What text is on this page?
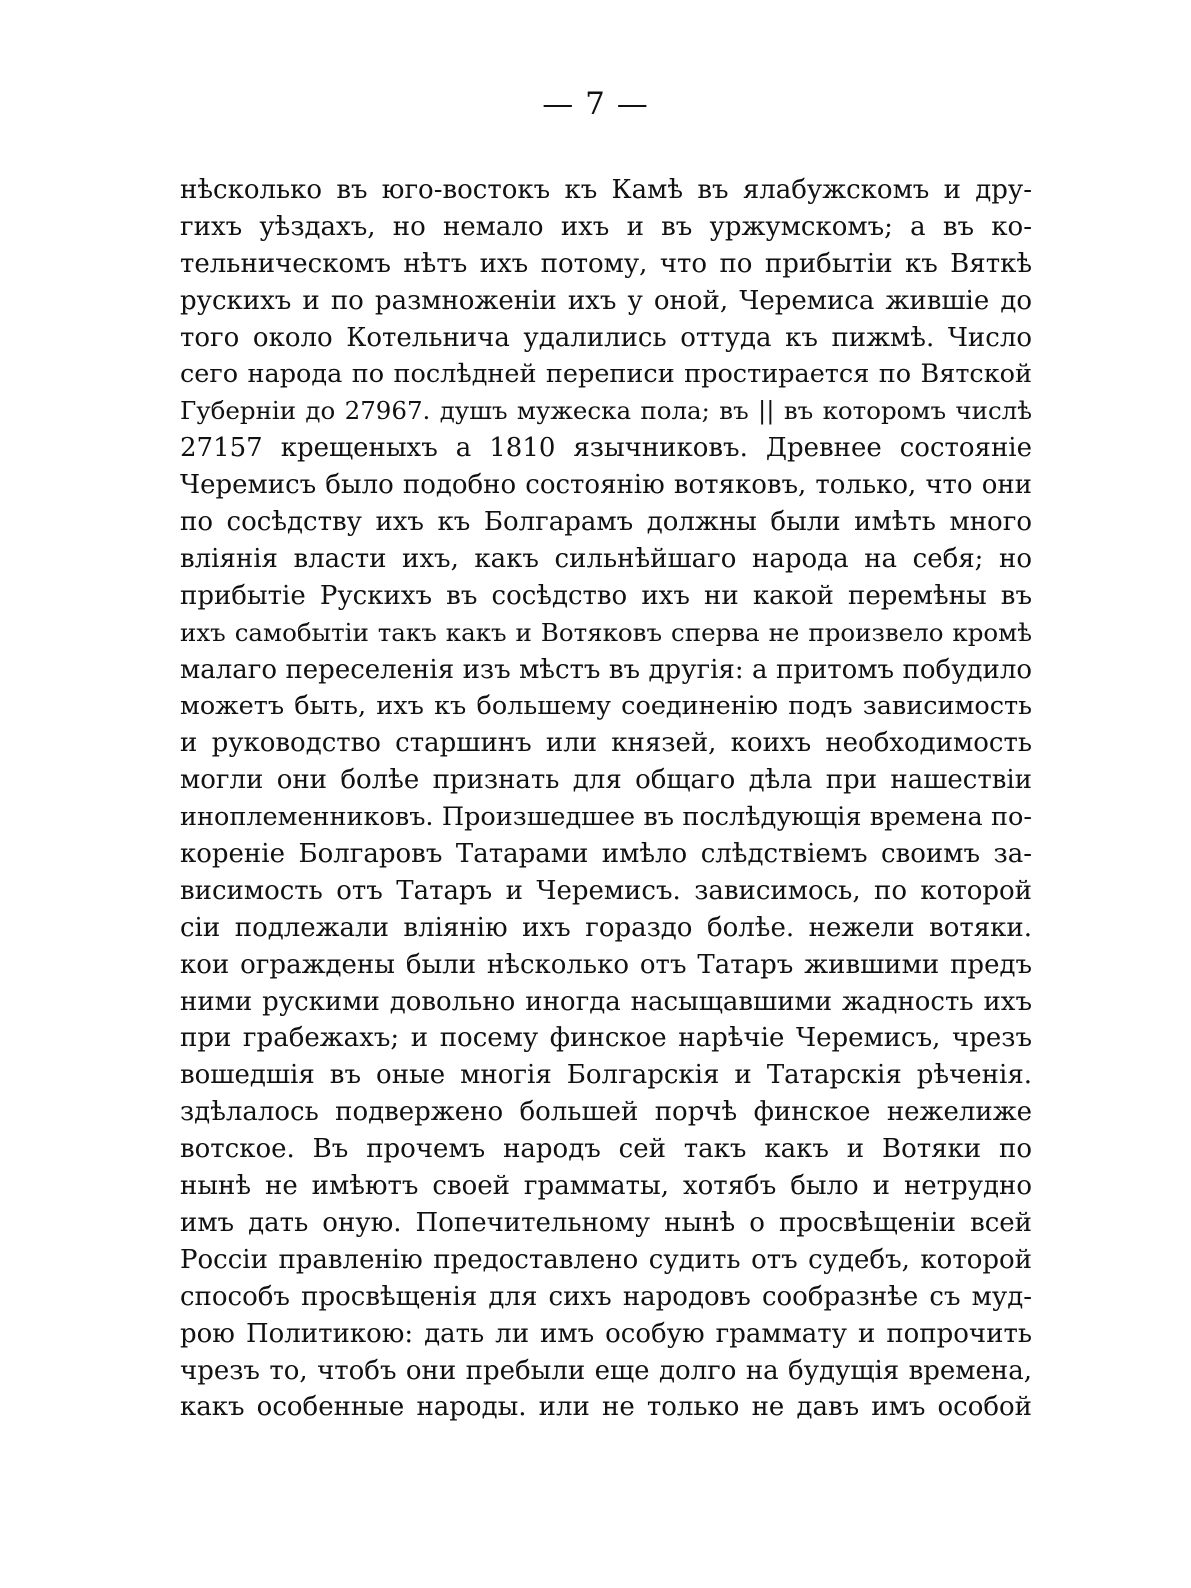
— 7 —
нѣсколько въ юго-востокъ къ Камѣ въ ялабужскомъ и дру-
гихъ уѣздахъ, но немало ихъ и въ уржумскомъ; а въ ко-
тельническомъ нѣтъ ихъ потому, что по прибытіи къ Вяткѣ
рускихъ и по размноженіи ихъ у оной, Черемиса жившіе до
того около Котельнича удалились оттуда къ пижмѣ. Число
сего народа по послѣдней переписи простирается по Вятской
Губерніи до 27967. душъ мужеска пола; въ || въ которомъ числѣ
27157 крещеныхъ а 1810 язычниковъ. Древнее состояніе
Черемисъ было подобно состоянію вотяковъ, только, что они
по сосѣдству ихъ къ Болгарамъ должны были имѣть много
вліянія власти ихъ, какъ сильнѣйшаго народа на себя; но
прибытіе Рускихъ въ сосѣдство ихъ ни какой перемѣны въ
ихъ самобытіи такъ какъ и Вотяковъ сперва не произвело кромѣ
малаго переселенія изъ мѣстъ въ другія: а притомъ побудило
можетъ быть, ихъ къ большему соединенію подъ зависимость
и руководство старшинъ или князей, коихъ необходимость
могли они болѣе признать для общаго дѣла при нашествіи
иноплеменниковъ. Произшедшее въ послѣдующія времена по-
кореніе Болгаровъ Татарами имѣло слѣдствіемъ своимъ за-
висимость отъ Татаръ и Черемисъ. зависимось, по которой
сіи подлежали вліянію ихъ гораздо болѣе. нежели вотяки.
кои ограждены были нѣсколько отъ Татаръ жившими предъ
ними рускими довольно иногда насыщавшими жадность ихъ
при грабежахъ; и посему финское нарѣчіе Черемисъ, чрезъ
вошедшія въ оные многія Болгарскія и Татарскія рѣченія.
здѣлалось подвержено большей порчѣ финское нежелиже
вотское. Въ прочемъ народъ сей такъ какъ и Вотяки по
нынѣ не имѣютъ своей грамматы, хотябъ было и нетрудно
имъ дать оную. Попечительному нынѣ о просвѣщеніи всей
Россіи правленію предоставлено судить отъ судебъ, которой
способъ просвѣщенія для сихъ народовъ сообразнѣе съ муд-
рою Политикою: дать ли имъ особую граммату и попрочить
чрезъ то, чтобъ они пребыли еще долго на будущія времена,
какъ особенные народы. или не только не давъ имъ особой
